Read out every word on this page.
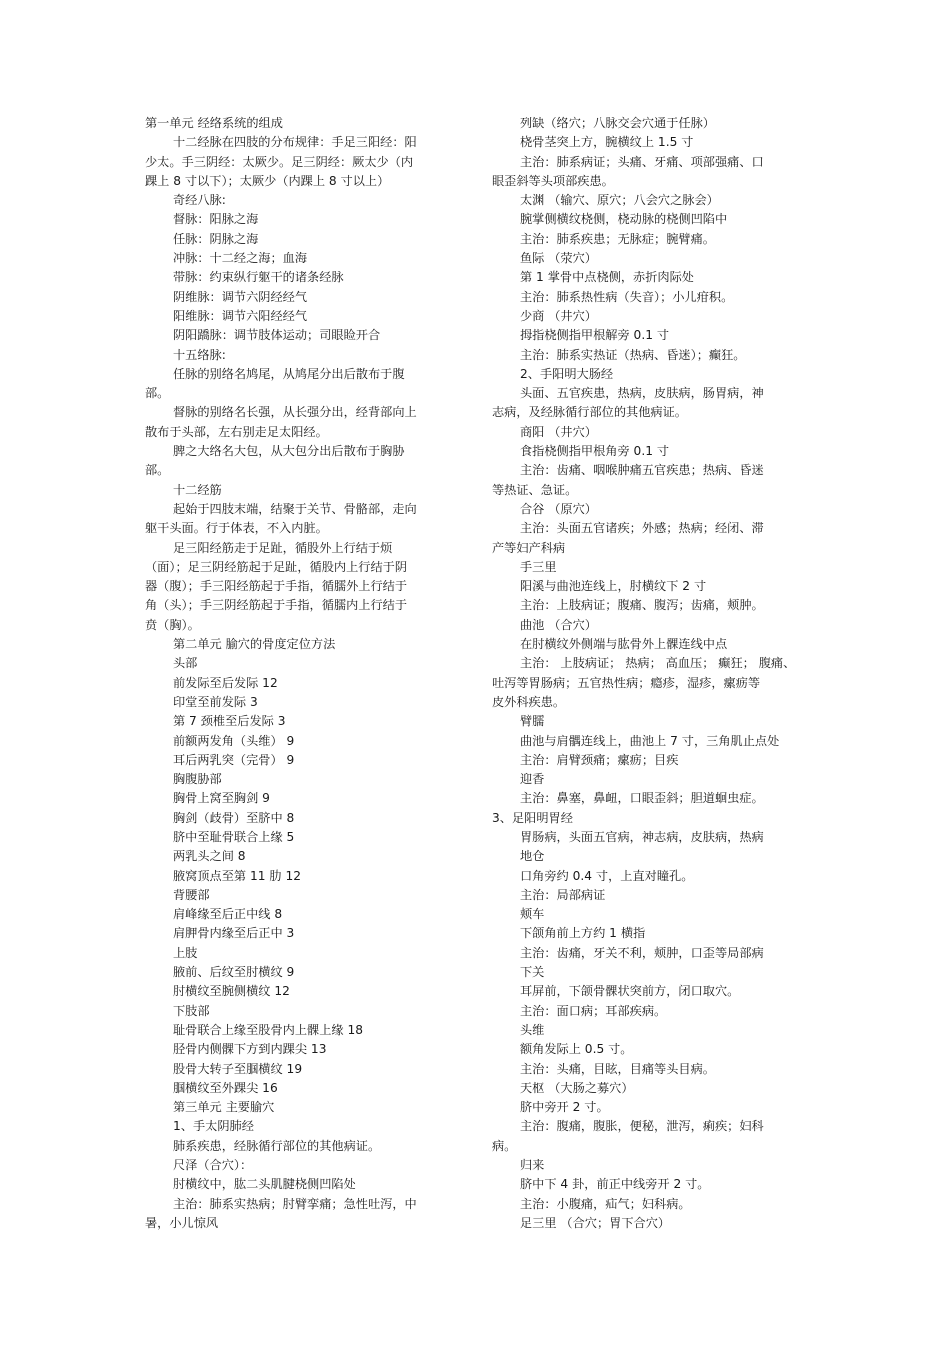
第一单元 经络系统的组成
十二经脉在四肢的分布规律：手足三阳经：阳
少太。手三阴经：太厥少。足三阴经：厥太少（内
踝上 8 寸以下）；太厥少（内踝上 8 寸以上）
奇经八脉:
督脉：阳脉之海
任脉：阴脉之海
冲脉：十二经之海；血海
带脉：约束纵行躯干的诸条经脉
阴维脉：调节六阴经经气
阳维脉：调节六阳经经气
阴阳蹻脉：调节肢体运动；司眼睑开合
十五络脉:
任脉的别络名鸠尾，从鸠尾分出后散布于腹
部。
督脉的别络名长强，从长强分出，经背部向上
散布于头部，左右别走足太阳经。
脾之大络名大包，从大包分出后散布于胸胁
部。
十二经筋
起始于四肢末端，结聚于关节、骨骼部，走向
躯干头面。行于体表，不入内脏。
足三阳经筋走于足趾，循股外上行结于烦
（面）；足三阴经筋起于足趾，循股内上行结于阴
器（腹）；手三阳经筋起于手指，循臑外上行结于
角（头）；手三阴经筋起于手指，循臑内上行结于
贲（胸）。
第二单元 腧穴的骨度定位方法
头部
前发际至后发际 12
印堂至前发际 3
第 7 颈椎至后发际 3
前额两发角（头维） 9
耳后两乳突（完骨） 9
胸腹胁部
胸骨上窝至胸剑 9
胸剑（歧骨）至脐中 8
脐中至耻骨联合上缘 5
两乳头之间 8
腋窝顶点至第 11 肋 12
背腰部
肩峰缘至后正中线 8
肩胛骨内缘至后正中 3
上肢
腋前、后纹至肘横纹 9
肘横纹至腕侧横纹 12
下肢部
耻骨联合上缘至股骨内上髁上缘 18
胫骨内侧髁下方到内踝尖 13
股骨大转子至腘横纹 19
腘横纹至外踝尖 16
第三单元 主要腧穴
1、手太阴肺经
肺系疾患，经脉循行部位的其他病证。
尺泽（合穴）：
肘横纹中，肱二头肌腱桡侧凹陷处
主治：肺系实热病；肘臂挛痛；急性吐泻，中
暑，小儿惊风
列缺（络穴；八脉交会穴通于任脉）
桡骨茎突上方，腕横纹上 1.5 寸
主治：肺系病证；头痛、牙痛、项部强痛、口
眼歪斜等头项部疾患。
太渊 （输穴、原穴；八会穴之脉会）
腕掌侧横纹桡侧，桡动脉的桡侧凹陷中
主治：肺系疾患；无脉症；腕臂痛。
鱼际 （荥穴）
第 1 掌骨中点桡侧，赤折肉际处
主治：肺系热性病（失音）；小儿疳积。
少商 （井穴）
拇指桡侧指甲根解旁 0.1 寸
主治：肺系实热证（热病、昏迷）；癫狂。
2、手阳明大肠经
头面、五官疾患，热病，皮肤病，肠胃病，神
志病，及经脉循行部位的其他病证。
商阳 （井穴）
食指桡侧指甲根角旁 0.1 寸
主治：齿痛、咽喉肿痛五官疾患；热病、昏迷
等热证、急证。
合谷 （原穴）
主治：头面五官诸疾；外感；热病；经闭、滞
产等妇产科病
手三里
阳溪与曲池连线上，肘横纹下 2 寸
主治：上肢病证；腹痛、腹泻；齿痛，颊肿。
曲池 （合穴）
在肘横纹外侧端与肱骨外上髁连线中点
主治： 上肢病证； 热病； 高血压； 癫狂； 腹痛、
吐泻等胃肠病；五官热性病；瘾疹，湿疹，瘰疬等
皮外科疾患。
臂臑
曲池与肩髃连线上，曲池上 7 寸，三角肌止点处
主治：肩臂颈痛；瘰疬；目疾
迎香
主治：鼻塞，鼻衄，口眼歪斜；胆道蛔虫症。
3、足阳明胃经
胃肠病，头面五官病，神志病，皮肤病，热病
地仓
口角旁约 0.4 寸，上直对瞳孔。
主治：局部病证
颊车
下颌角前上方约 1 横指
主治：齿痛，牙关不利，颊肿，口歪等局部病
下关
耳屏前，下颌骨髁状突前方，闭口取穴。
主治：面口病；耳部疾病。
头维
额角发际上 0.5 寸。
主治：头痛，目眩，目痛等头目病。
天枢 （大肠之募穴）
脐中旁开 2 寸。
主治：腹痛，腹胀，便秘，泄泻，痢疾；妇科
病。
归来
脐中下 4 卦，前正中线旁开 2 寸。
主治：小腹痛，疝气；妇科病。
足三里 （合穴；胃下合穴）
